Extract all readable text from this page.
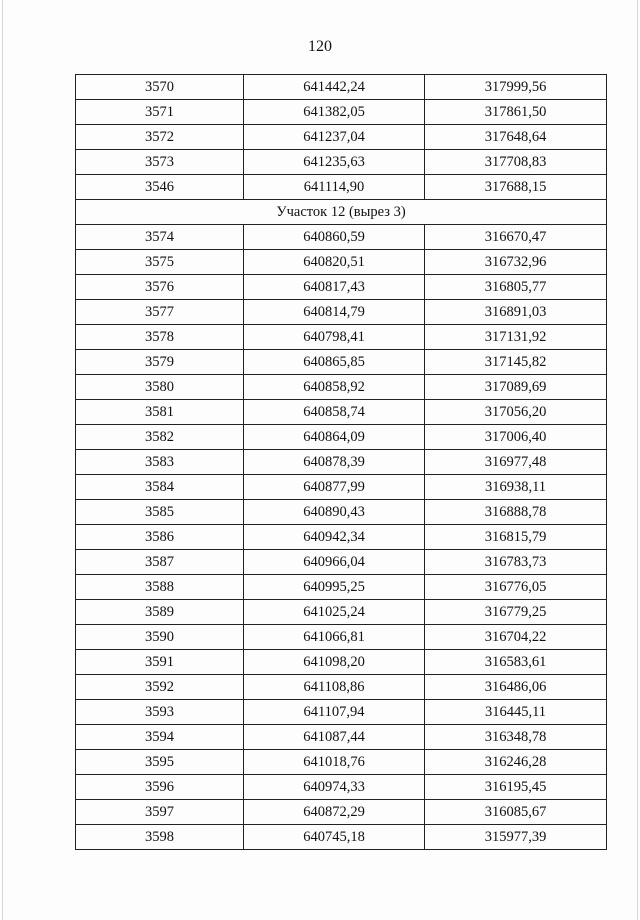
120
3570	641442,24	317999,56
3571	641382,05	317861,50
3572	641237,04	317648,64
3573	641235,63	317708,83
3546	641114,90	317688,15
Участок 12 (вырез 3)		
3574	640860,59	316670,47
3575	640820,51	316732,96
3576	640817,43	316805,77
3577	640814,79	316891,03
3578	640798,41	317131,92
3579	640865,85	317145,82
3580	640858,92	317089,69
3581	640858,74	317056,20
3582	640864,09	317006,40
3583	640878,39	316977,48
3584	640877,99	316938,11
3585	640890,43	316888,78
3586	640942,34	316815,79
3587	640966,04	316783,73
3588	640995,25	316776,05
3589	641025,24	316779,25
3590	641066,81	316704,22
3591	641098,20	316583,61
3592	641108,86	316486,06
3593	641107,94	316445,11
3594	641087,44	316348,78
3595	641018,76	316246,28
3596	640974,33	316195,45
3597	640872,29	316085,67
3598	640745,18	315977,39
